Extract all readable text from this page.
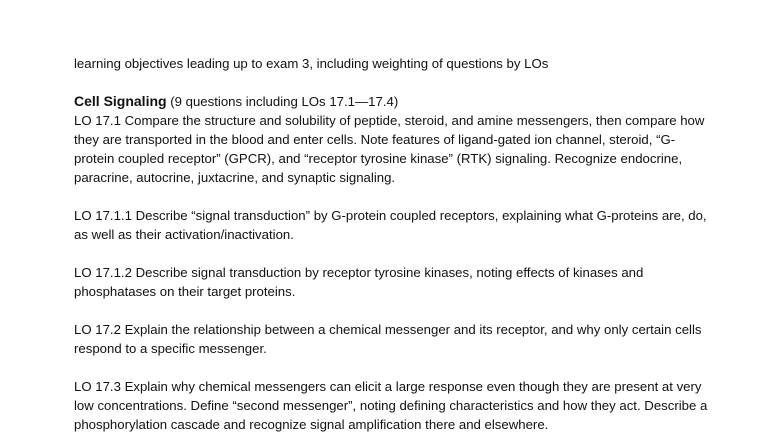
learning objectives leading up to exam 3, including weighting of questions by LOs

Cell Signaling (9 questions including LOs 17.1—17.4)

LO 17.1 Compare the structure and solubility of peptide, steroid, and amine messengers, then compare how they are transported in the blood and enter cells. Note features of ligand-gated ion channel, steroid, “G-protein coupled receptor” (GPCR), and “receptor tyrosine kinase” (RTK) signaling. Recognize endocrine, paracrine, autocrine, juxtacrine, and synaptic signaling.

LO 17.1.1 Describe “signal transduction” by G-protein coupled receptors, explaining what G-proteins are, do, as well as their activation/inactivation.

LO 17.1.2 Describe signal transduction by receptor tyrosine kinases, noting effects of kinases and phosphatases on their target proteins.

LO 17.2 Explain the relationship between a chemical messenger and its receptor, and why only certain cells respond to a specific messenger.

LO 17.3 Explain why chemical messengers can elicit a large response even though they are present at very low concentrations. Define “second messenger”, noting defining characteristics and how they act. Describe a phosphorylation cascade and recognize signal amplification there and elsewhere.
